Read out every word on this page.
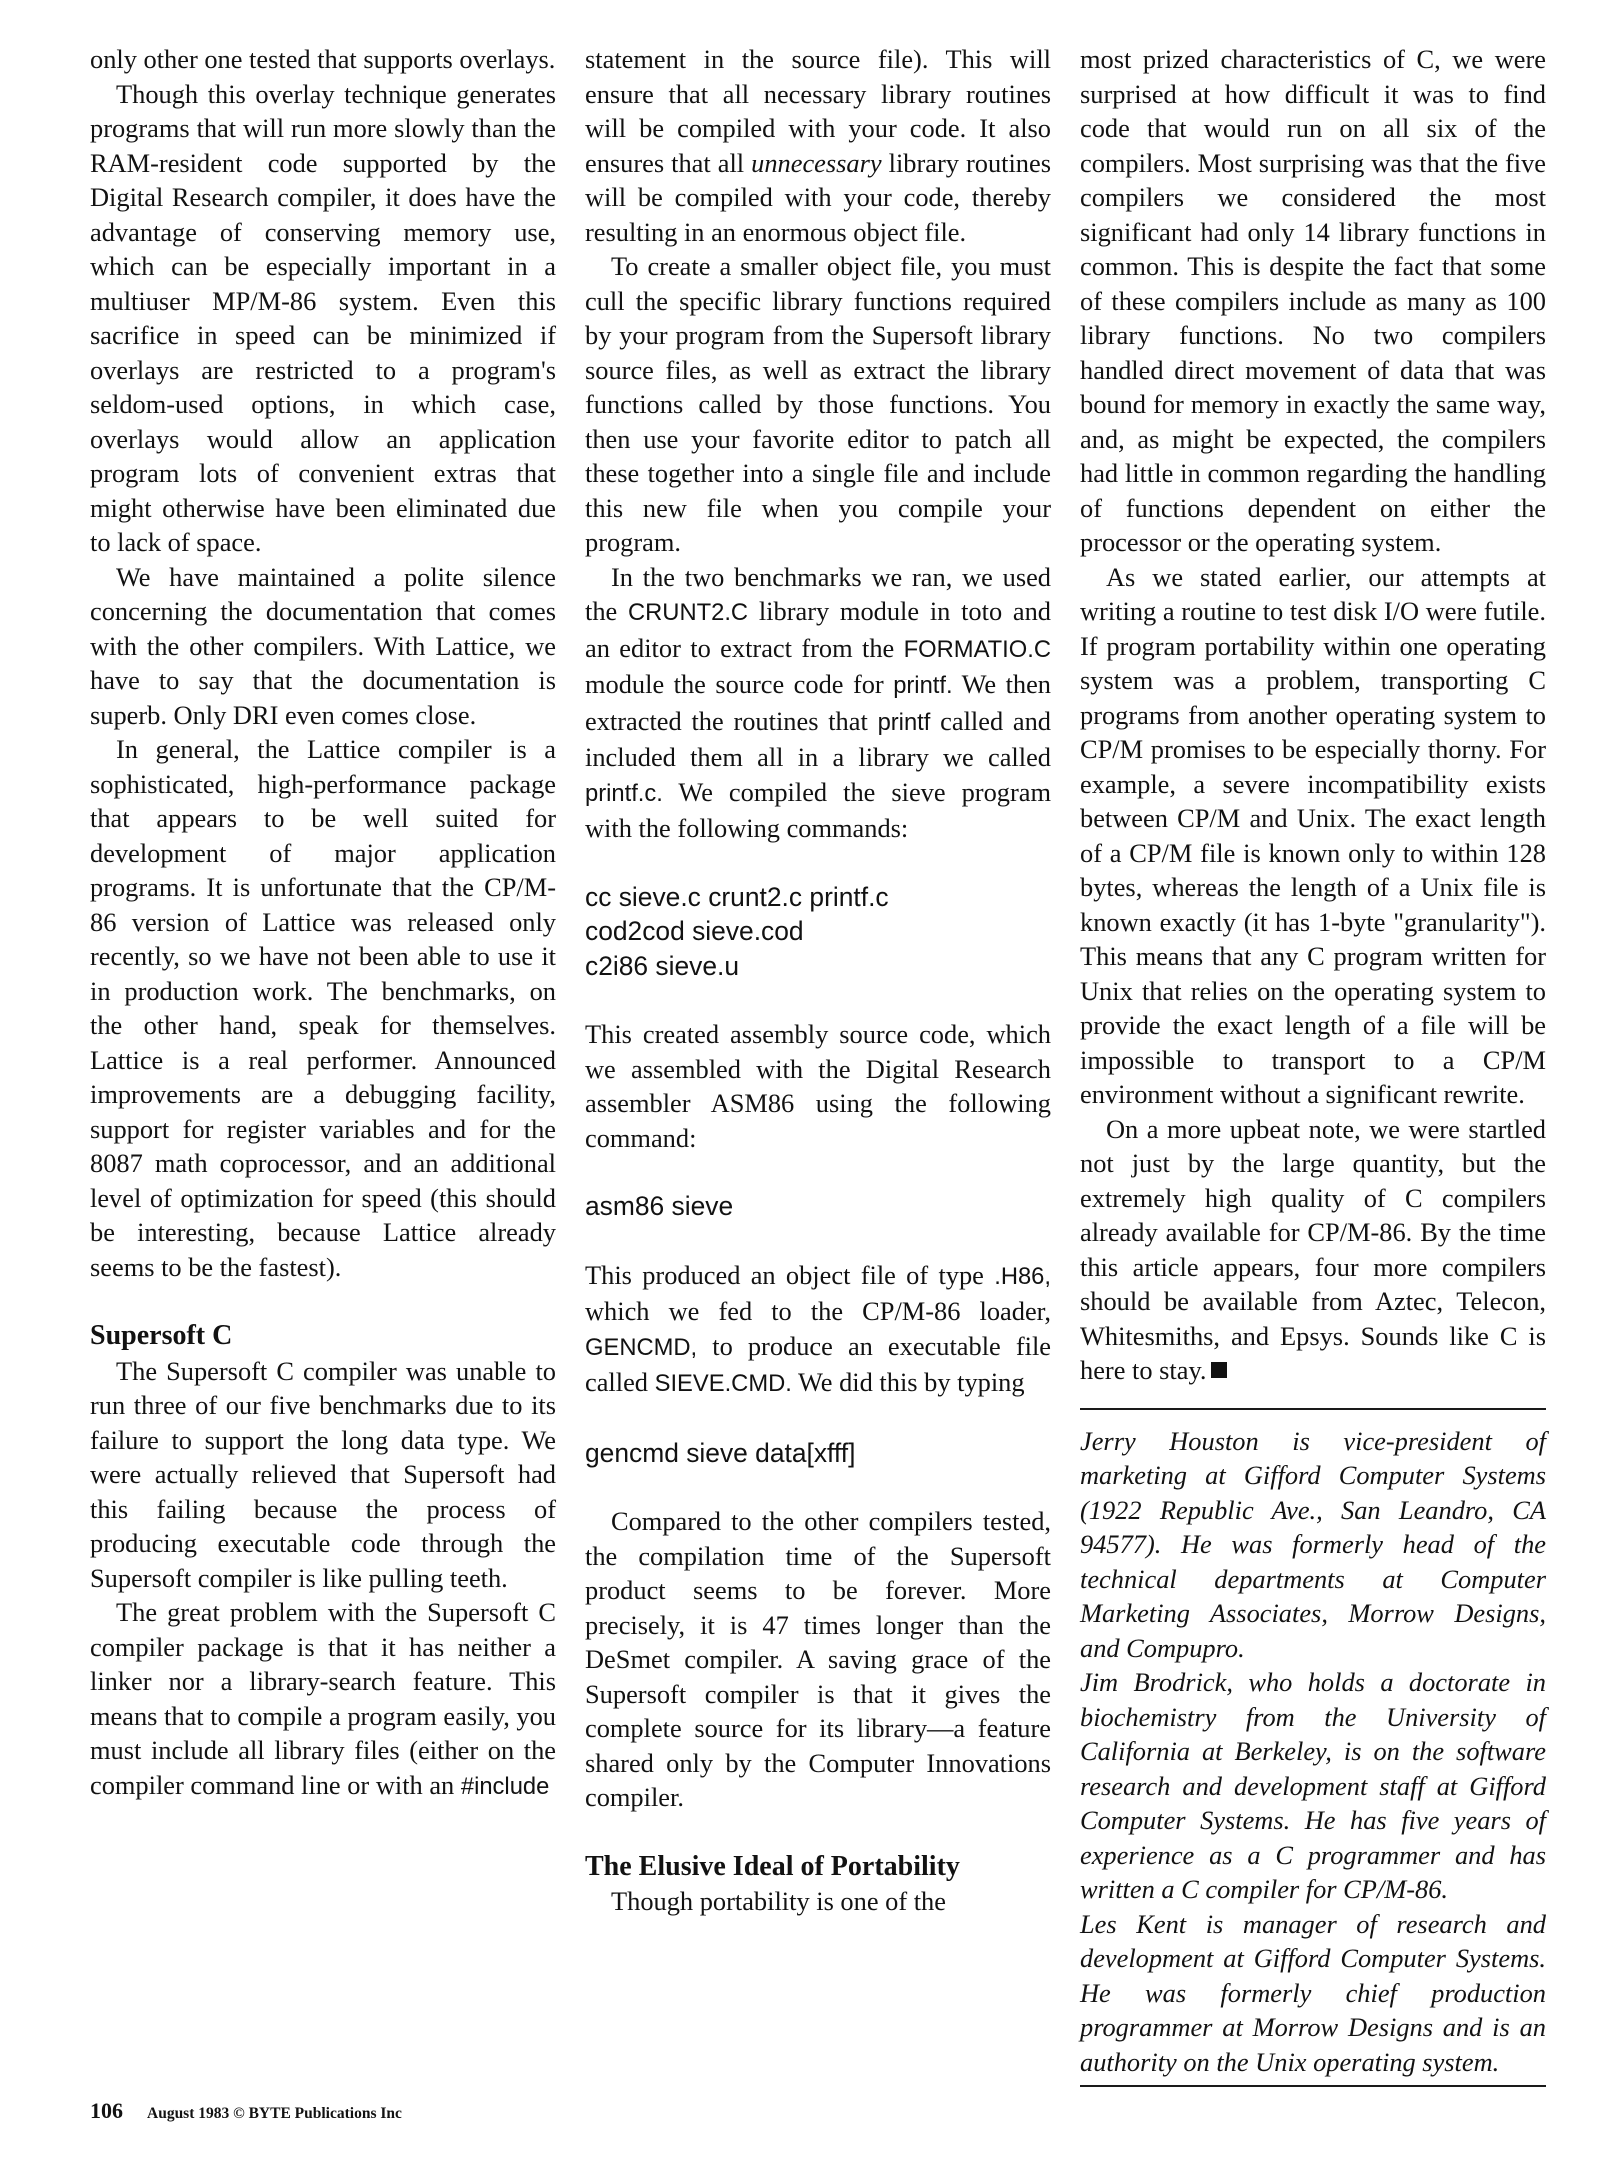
only other one tested that supports overlays.

Though this overlay technique generates programs that will run more slowly than the RAM-resident code supported by the Digital Research compiler, it does have the advantage of conserving memory use, which can be especially important in a multiuser MP/M-86 system. Even this sacrifice in speed can be minimized if overlays are restricted to a program's seldom-used options, in which case, overlays would allow an application program lots of convenient extras that might otherwise have been eliminated due to lack of space.

We have maintained a polite silence concerning the documentation that comes with the other compilers. With Lattice, we have to say that the documentation is superb. Only DRI even comes close.

In general, the Lattice compiler is a sophisticated, high-performance package that appears to be well suited for development of major application programs. It is unfortunate that the CP/M-86 version of Lattice was released only recently, so we have not been able to use it in production work. The benchmarks, on the other hand, speak for themselves. Lattice is a real performer. Announced improvements are a debugging facility, support for register variables and for the 8087 math coprocessor, and an additional level of optimization for speed (this should be interesting, because Lattice already seems to be the fastest).

Supersoft C

The Supersoft C compiler was unable to run three of our five benchmarks due to its failure to support the long data type. We were actually relieved that Supersoft had this failing because the process of producing executable code through the Supersoft compiler is like pulling teeth.

The great problem with the Supersoft C compiler package is that it has neither a linker nor a library-search feature. This means that to compile a program easily, you must include all library files (either on the compiler command line or with an #include

statement in the source file). This will ensure that all necessary library routines will be compiled with your code. It also ensures that all unnecessary library routines will be compiled with your code, thereby resulting in an enormous object file.

To create a smaller object file, you must cull the specific library functions required by your program from the Supersoft library source files, as well as extract the library functions called by those functions. You then use your favorite editor to patch all these together into a single file and include this new file when you compile your program.

In the two benchmarks we ran, we used the CRUNT2.C library module in toto and an editor to extract from the FORMATIO.C module the source code for printf. We then extracted the routines that printf called and included them all in a library we called printf.c. We compiled the sieve program with the following commands:

cc sieve.c crunt2.c printf.c

cod2cod sieve.cod

c2i86 sieve.u

This created assembly source code, which we assembled with the Digital Research assembler ASM86 using the following command:

asm86 sieve

This produced an object file of type .H86, which we fed to the CP/M-86 loader, GENCMD, to produce an executable file called SIEVE.CMD. We did this by typing

gencmd sieve data[xfff]

Compared to the other compilers tested, the compilation time of the Supersoft product seems to be forever. More precisely, it is 47 times longer than the DeSmet compiler. A saving grace of the Supersoft compiler is that it gives the complete source for its library—a feature shared only by the Computer Innovations compiler.

The Elusive Ideal of Portability

Though portability is one of the

most prized characteristics of C, we were surprised at how difficult it was to find code that would run on all six of the compilers. Most surprising was that the five compilers we considered the most significant had only 14 library functions in common. This is despite the fact that some of these compilers include as many as 100 library functions. No two compilers handled direct movement of data that was bound for memory in exactly the same way, and, as might be expected, the compilers had little in common regarding the handling of functions dependent on either the processor or the operating system.

As we stated earlier, our attempts at writing a routine to test disk I/O were futile. If program portability within one operating system was a problem, transporting C programs from another operating system to CP/M promises to be especially thorny. For example, a severe incompatibility exists between CP/M and Unix. The exact length of a CP/M file is known only to within 128 bytes, whereas the length of a Unix file is known exactly (it has 1-byte "granularity"). This means that any C program written for Unix that relies on the operating system to provide the exact length of a file will be impossible to transport to a CP/M environment without a significant rewrite.

On a more upbeat note, we were startled not just by the large quantity, but the extremely high quality of C compilers already available for CP/M-86. By the time this article appears, four more compilers should be available from Aztec, Telecon, Whitesmiths, and Epsys. Sounds like C is here to stay.

Jerry Houston is vice-president of marketing at Gifford Computer Systems (1922 Republic Ave., San Leandro, CA 94577). He was formerly head of the technical departments at Computer Marketing Associates, Morrow Designs, and Compupro.

Jim Brodrick, who holds a doctorate in biochemistry from the University of California at Berkeley, is on the software research and development staff at Gifford Computer Systems. He has five years of experience as a C programmer and has written a C compiler for CP/M-86.

Les Kent is manager of research and development at Gifford Computer Systems. He was formerly chief production programmer at Morrow Designs and is an authority on the Unix operating system.

106 August 1983 © BYTE Publications Inc
